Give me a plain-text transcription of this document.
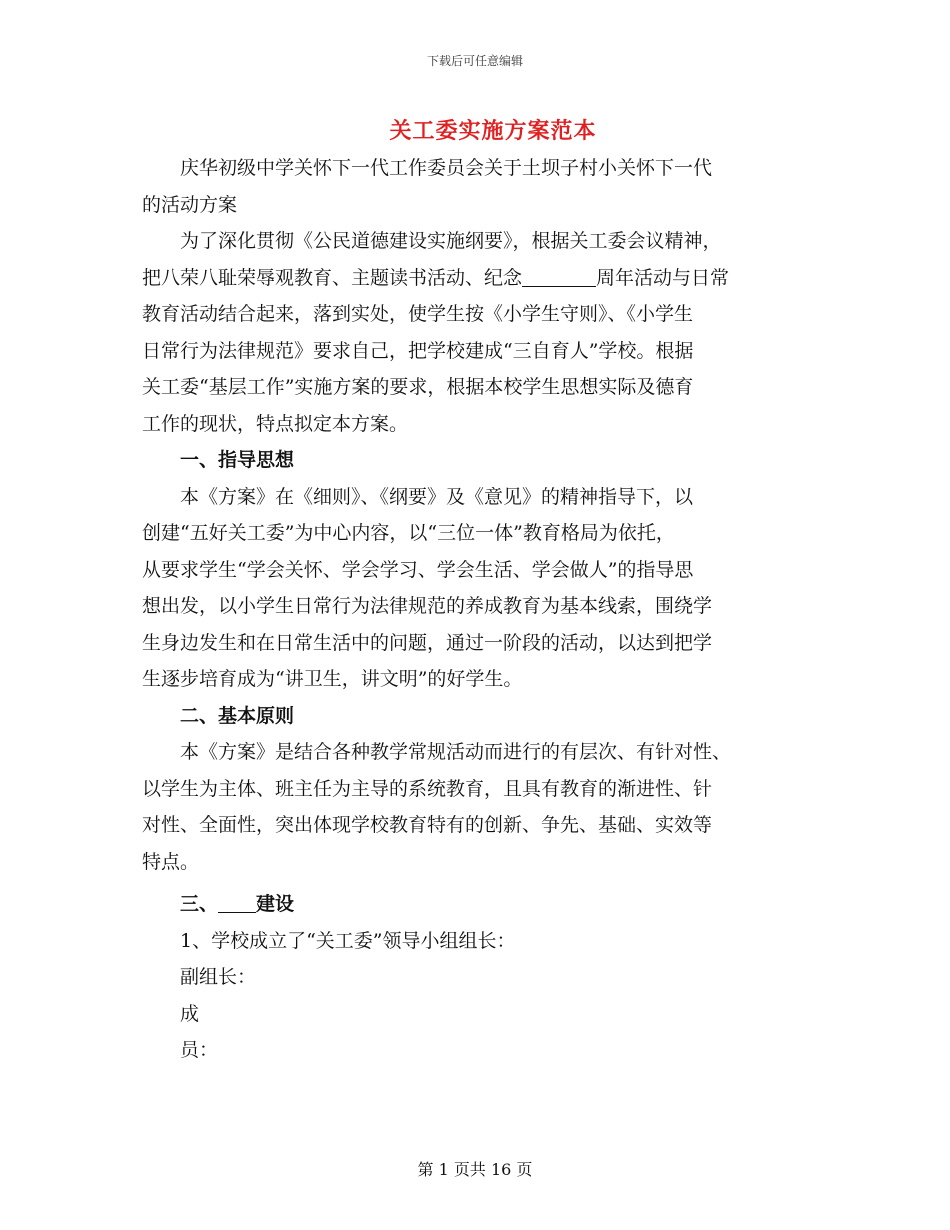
下载后可任意编辑
关工委实施方案范本

庆华初级中学关怀下一代工作委员会关于土坝子村小关怀下一代

的活动方案

为了深化贯彻《公民道德建设实施纲要》，根据关工委会议精神，

把八荣八耻荣辱观教育、主题读书活动、纪念	周年活动与日常

教育活动结合起来，落到实处，使学生按《小学生守则》、《小学生

日常行为法律规范》要求自己，把学校建成“三自育人”学校。根据

关工委“基层工作”实施方案的要求，根据本校学生思想实际及德育

工作的现状，特点拟定本方案。

一、指导思想

本《方案》在《细则》、《纲要》及《意见》的精神指导下，以

创建“五好关工委”为中心内容，以“三位一体”教育格局为依托，

从要求学生“学会关怀、学会学习、学会生活、学会做人”的指导思

想出发，以小学生日常行为法律规范的养成教育为基本线索，围绕学

生身边发生和在日常生活中的问题，通过一阶段的活动，以达到把学

生逐步培育成为“讲卫生，讲文明”的好学生。

二、基本原则

本《方案》是结合各种教学常规活动而进行的有层次、有针对性、

以学生为主体、班主任为主导的系统教育，且具有教育的渐进性、针

对性、全面性，突出体现学校教育特有的创新、争先、基础、实效等

特点。

三、 建设

1、学校成立了“关工委”领导小组组长：

副组长：

成

员：

第 1 页共 16 页
